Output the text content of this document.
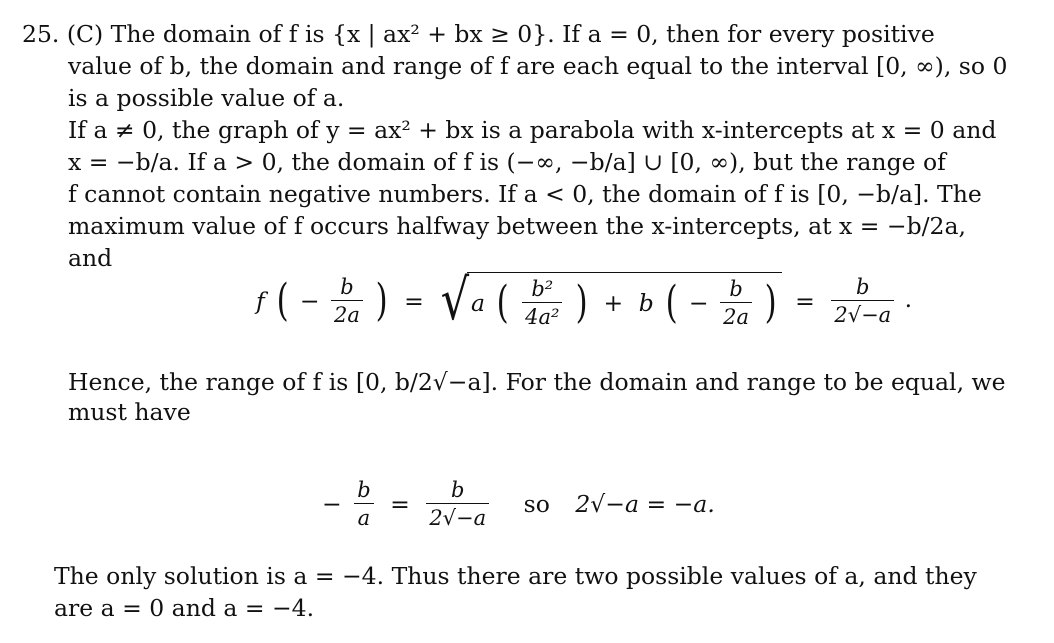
25. (C) The domain of f is {x | ax² + bx ≥ 0}. If a = 0, then for every positive
value of b, the domain and range of f are each equal to the interval [0, ∞), so 0
is a possible value of a.
If a ≠ 0, the graph of y = ax² + bx is a parabola with x-intercepts at x = 0 and
x = −b/a. If a > 0, the domain of f is (−∞, −b/a] ∪ [0, ∞), but the range of
f cannot contain negative numbers. If a < 0, the domain of f is [0, −b/a]. The
maximum value of f occurs halfway between the x-intercepts, at x = −b/2a,
and
f ( − $\frac{b}{2a}$ ) = √a ( $\frac{\text{b²}}{\text{4a²}}$ ) + b ( − $\frac{b}{2a}$ ) = $\frac{b}{2√-a}$ .
Hence, the range of f is [0, b/2√−a]. For the domain and range to be equal, we
must have
− $\frac{b}{a} = \frac{b}{2√-a}$ so 2√−a = −a.
The only solution is a = −4. Thus there are two possible values of a, and they
are a = 0 and a = −4.
